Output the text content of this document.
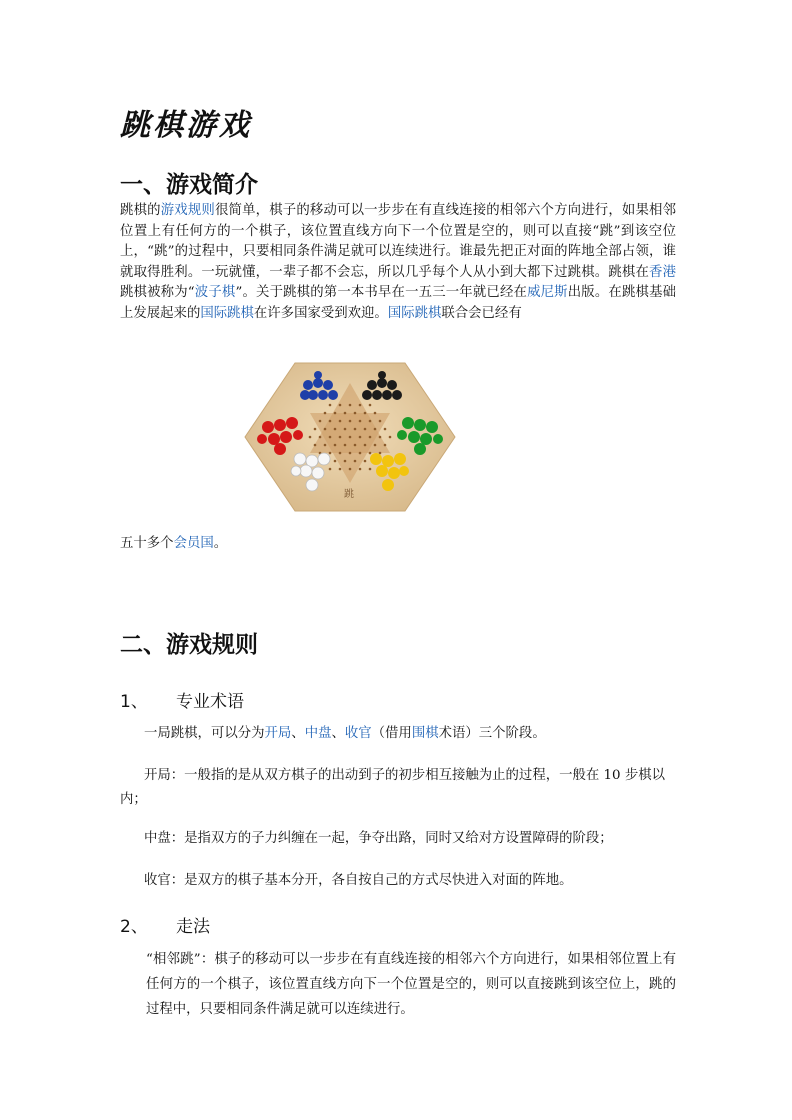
跳棋游戏
一、游戏简介

跳棋的游戏规则很简单，棋子的移动可以一步步在有直线连接的相邻六个方向进行，如果相邻位置上有任何方的一个棋子，该位置直线方向下一个位置是空的，则可以直接“跳”到该空位上，“跳”的过程中，只要相同条件满足就可以连续进行。谁最先把正对面的阵地全部占领，谁就取得胜利。一玩就懂，一辈子都不会忘，所以几乎每个人从小到大都下过跳棋。跳棋在香港跳棋被称为“波子棋”。关于跳棋的第一本书早在一五三一年就已经在威尼斯出版。在跳棋基础上发展起来的国际跳棋在许多国家受到欢迎。国际跳棋联合会已经有

跳

五十多个会员国。

二、游戏规则
1、 专业术语

一局跳棋，可以分为开局、中盘、收官（借用围棋术语）三个阶段。

开局：一般指的是从双方棋子的出动到子的初步相互接触为止的过程，一般在 10 步棋以内；

中盘：是指双方的子力纠缠在一起，争夺出路，同时又给对方设置障碍的阶段；

收官：是双方的棋子基本分开，各自按自己的方式尽快进入对面的阵地。

2、 走法

“相邻跳”：棋子的移动可以一步步在有直线连接的相邻六个方向进行，如果相邻位置上有任何方的一个棋子，该位置直线方向下一个位置是空的，则可以直接跳到该空位上，跳的过程中，只要相同条件满足就可以连续进行。
